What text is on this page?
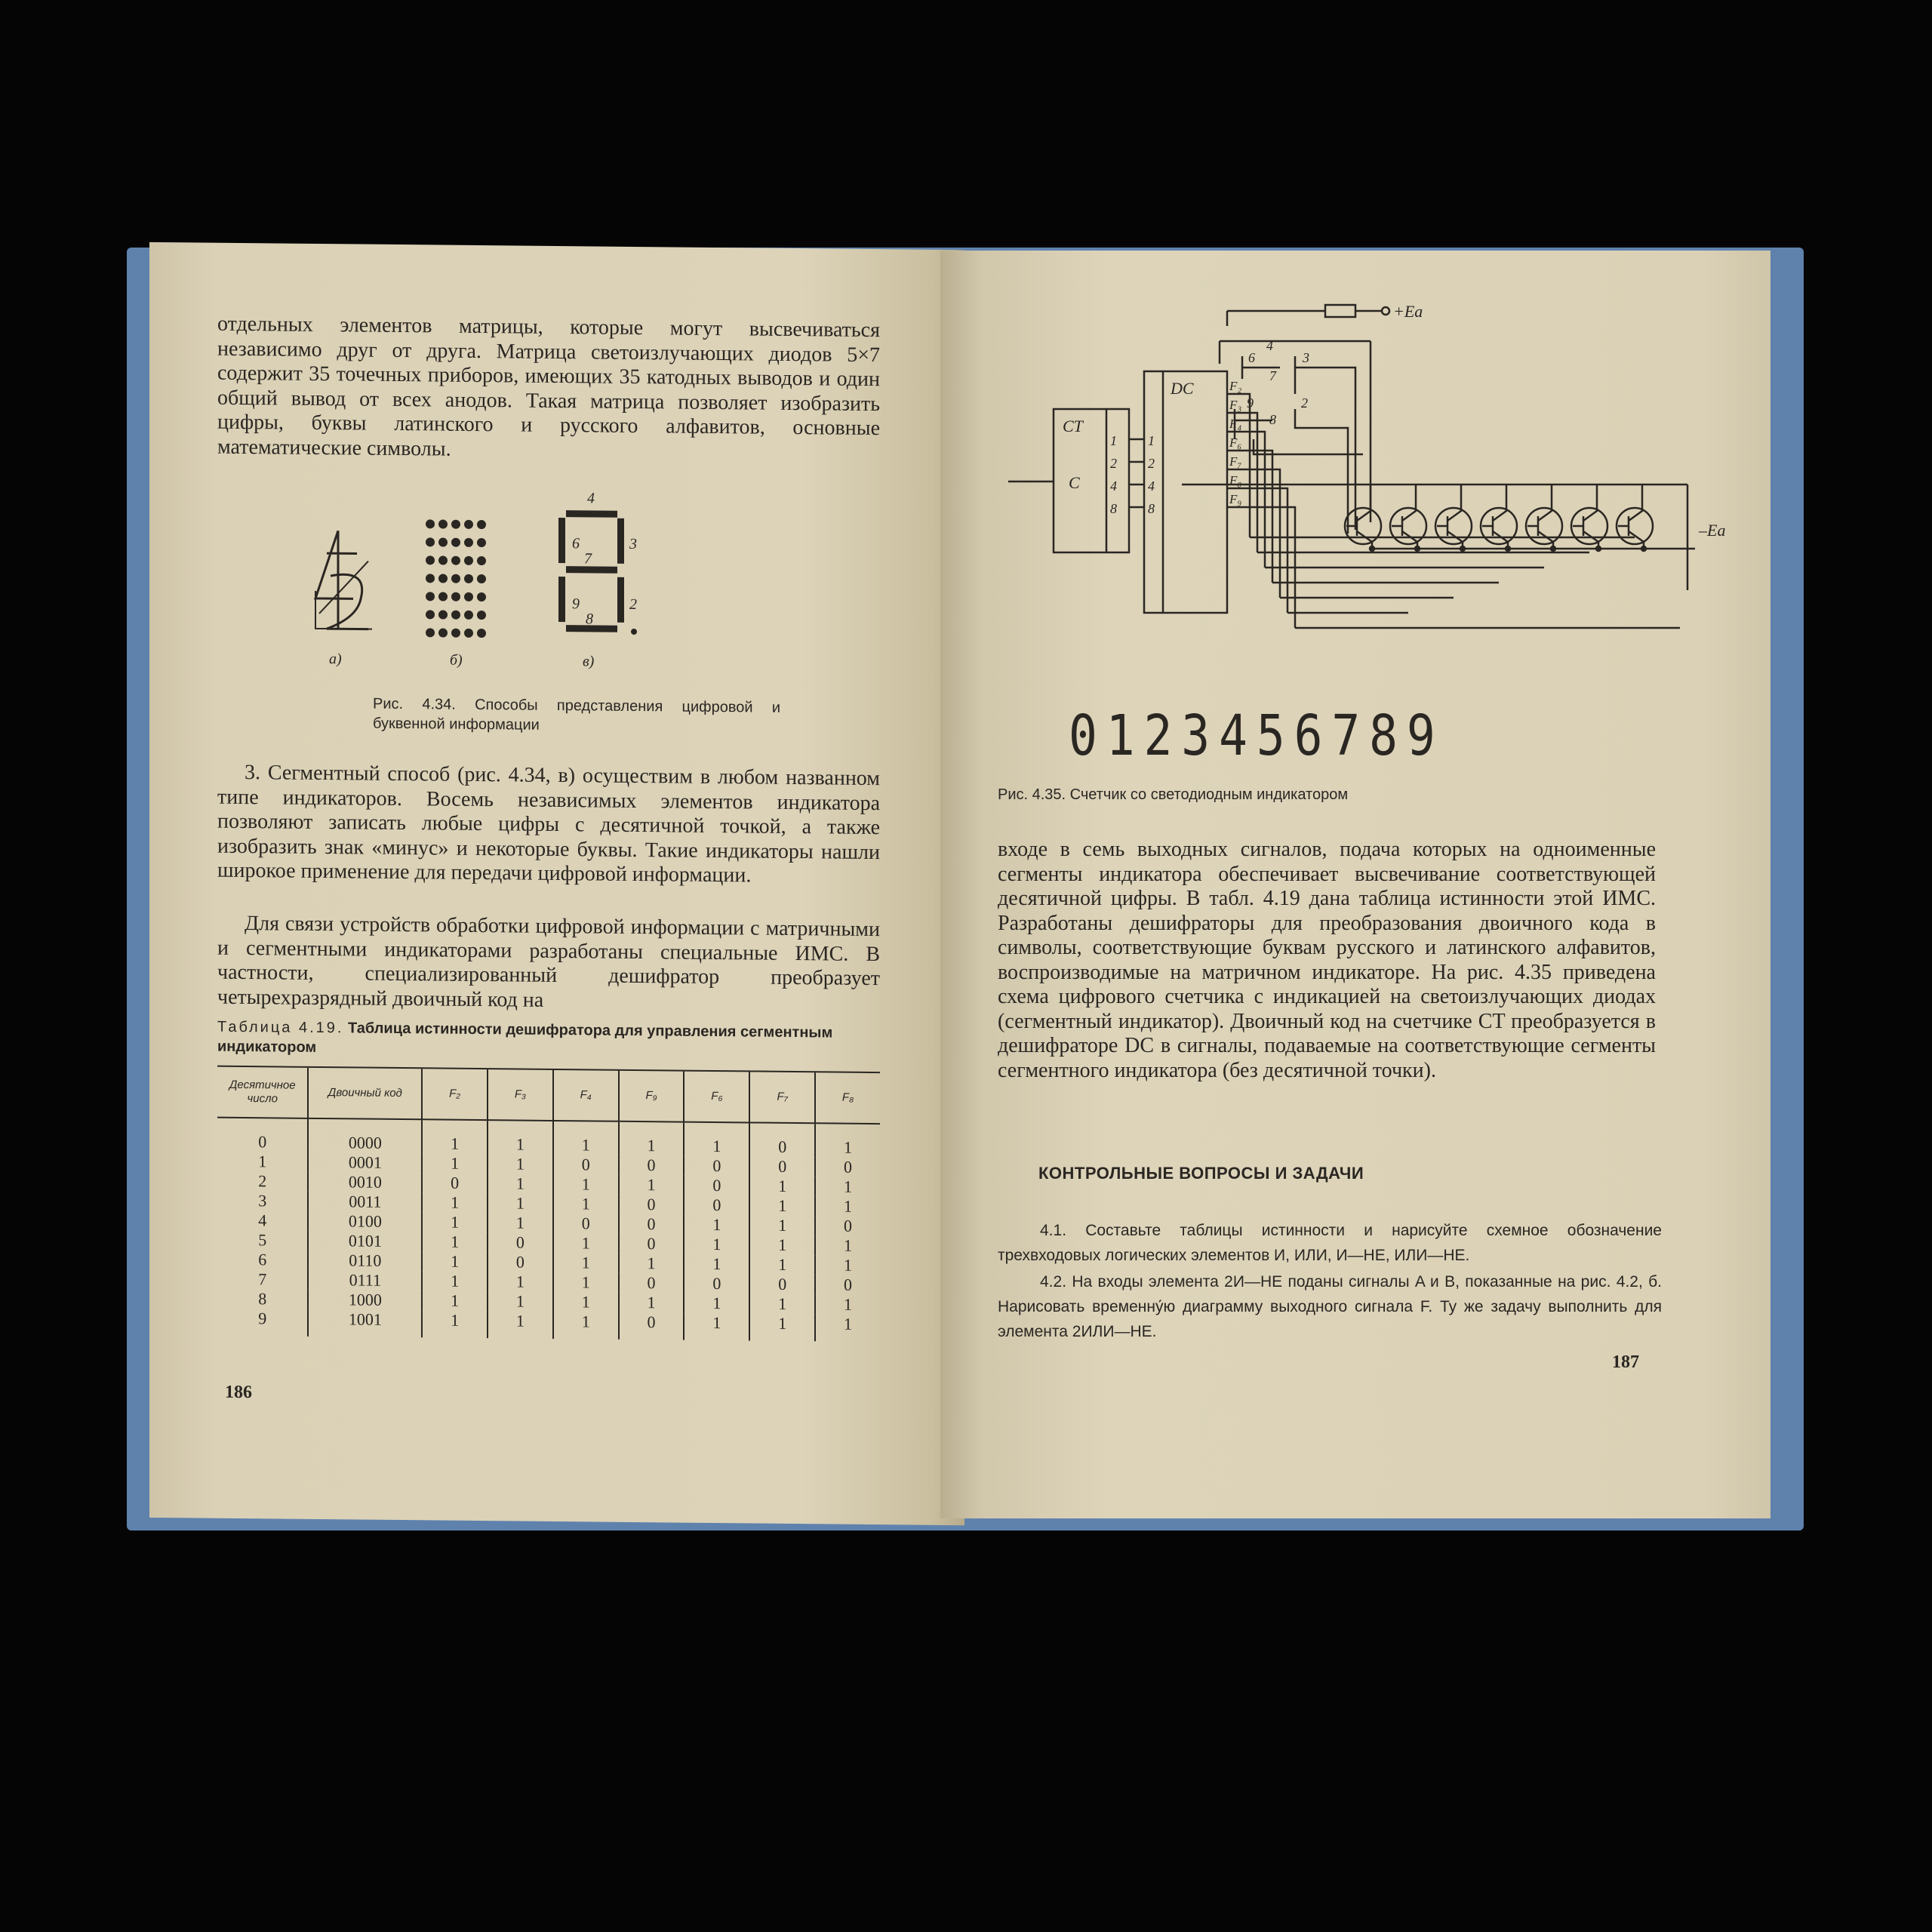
отдельных элементов матрицы, которые могут высвечиваться независимо друг от друга. Матрица светоизлучающих диодов 5×7 содержит 35 точечных приборов, имеющих 35 катодных выводов и один общий вывод от всех анодов. Такая матрица позволяет изобразить цифры, буквы латинского и русского алфавитов, основные математические символы.

4
6	3
7
9	2
8
а)	б)	в)
Рис. 4.34. Способы представления цифровой и буквенной информации

3. Сегментный способ (рис. 4.34, в) осуществим в любом названном типе индикаторов. Восемь независимых элементов индикатора позволяют записать любые цифры с десятичной точкой, а также изобразить знак «минус» и некоторые буквы. Такие индикаторы нашли широкое применение для передачи цифровой информации.

Для связи устройств обработки цифровой информации с матричными и сегментными индикаторами разработаны специальные ИМС. В частности, специализированный дешифратор преобразует четырехразрядный двоичный код на

Таблица 4.19. Таблица истинности дешифратора для управления сегментным индикатором
Десятичное число	Двоичный код	F₂	F₃	F₄	F₉	F₆	F₇	F₈
0	0000	1	1	1	1	1	0	1
1	0001	1	1	0	0	0	0	0
2	0010	0	1	1	1	0	1	1
3	0011	1	1	1	0	0	1	1
4	0100	1	1	0	0	1	1	0
5	0101	1	0	1	0	1	1	1
6	0110	1	0	1	1	1	1	1
7	0111	1	1	1	0	0	0	0
8	1000	1	1	1	1	1	1	1
9	1001	1	1	1	0	1	1	1
186
CT
DC
C
+Eа
–Eа
1
2
4
8
1
2
4
8
F₂
F₃
F₄
F₆
F₇
F₈
F₉
6
4
3
7
9	2
8
0123456789
Рис. 4.35. Счетчик со светодиодным индикатором

входе в семь выходных сигналов, подача которых на одноименные сегменты индикатора обеспечивает высвечивание соответствующей десятичной цифры. В табл. 4.19 дана таблица истинности этой ИМС. Разработаны дешифраторы для преобразования двоичного кода в символы, соответствующие буквам русского и латинского алфавитов, воспроизводимые на матричном индикаторе. На рис. 4.35 приведена схема цифрового счетчика с индикацией на светоизлучающих диодах (сегментный индикатор). Двоичный код на счетчике CT преобразуется в дешифраторе DC в сигналы, подаваемые на соответствующие сегменты сегментного индикатора (без десятичной точки).

КОНТРОЛЬНЫЕ ВОПРОСЫ И ЗАДАЧИ

4.1. Составьте таблицы истинности и нарисуйте схемное обозначение трехвходовых логических элементов И, ИЛИ, И—НЕ, ИЛИ—НЕ.

4.2. На входы элемента 2И—НЕ поданы сигналы A и B, показанные на рис. 4.2, б. Нарисовать временну́ю диаграмму выходного сигнала F. Ту же задачу выполнить для элемента 2ИЛИ—НЕ.

187
